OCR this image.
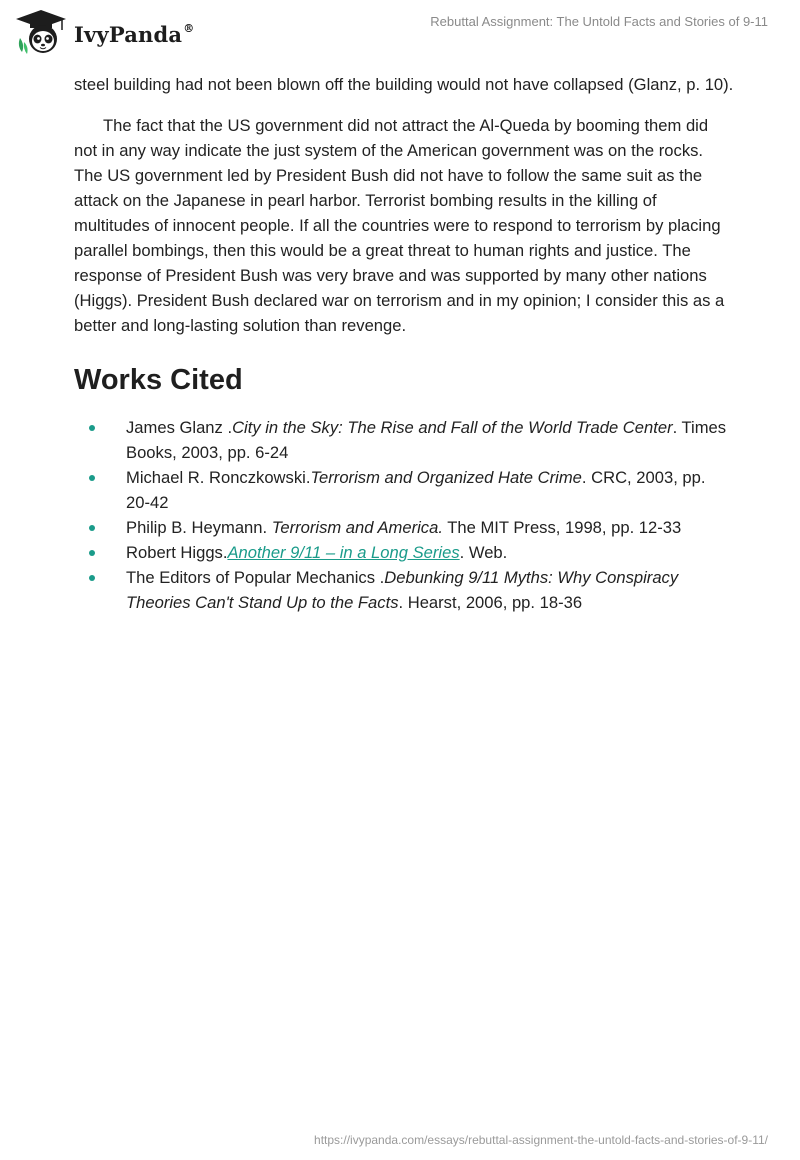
IvyPanda®	Rebuttal Assignment: The Untold Facts and Stories of 9-11

steel building had not been blown off the building would not have collapsed (Glanz, p. 10).

The fact that the US government did not attract the Al-Queda by booming them did not in any way indicate the just system of the American government was on the rocks. The US government led by President Bush did not have to follow the same suit as the attack on the Japanese in pearl harbor. Terrorist bombing results in the killing of multitudes of innocent people. If all the countries were to respond to terrorism by placing parallel bombings, then this would be a great threat to human rights and justice. The response of President Bush was very brave and was supported by many other nations (Higgs). President Bush declared war on terrorism and in my opinion; I consider this as a better and long-lasting solution than revenge.

Works Cited
James Glanz .City in the Sky: The Rise and Fall of the World Trade Center. Times Books, 2003, pp. 6-24
Michael R. Ronczkowski.Terrorism and Organized Hate Crime. CRC, 2003, pp. 20-42
Philip B. Heymann. Terrorism and America. The MIT Press, 1998, pp. 12-33
Robert Higgs.Another 9/11 – in a Long Series. Web.
The Editors of Popular Mechanics .Debunking 9/11 Myths: Why Conspiracy Theories Can't Stand Up to the Facts. Hearst, 2006, pp. 18-36
https://ivypanda.com/essays/rebuttal-assignment-the-untold-facts-and-stories-of-9-11/
